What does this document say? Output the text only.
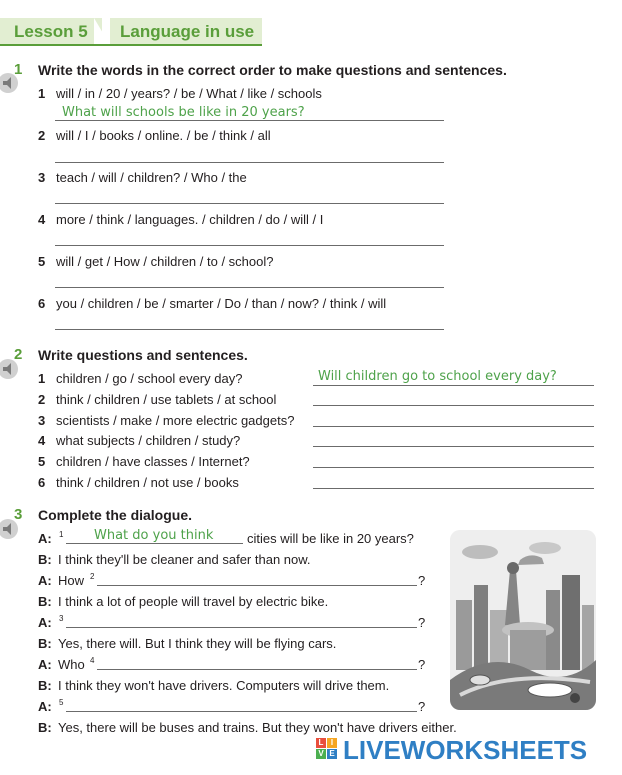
Lesson 5 Language in use
1 Write the words in the correct order to make questions and sentences.
1 will / in / 20 / years? / be / What / like / schools
What will schools be like in 20 years?
2 will / I / books / online. / be / think / all
3 teach / will / children? / Who / the
4 more / think / languages. / children / do / will / I
5 will / get / How / children / to / school?
6 you / children / be / smarter / Do / than / now? / think / will
2 Write questions and sentences.
1 children / go / school every day?	Will children go to school every day?
2 think / children / use tablets / at school
3 scientists / make / more electric gadgets?
4 what subjects / children / study?
5 children / have classes / Internet?
6 think / children / not use / books
3 Complete the dialogue.
A: 1 What do you think	cities will be like in 20 years?
B: I think they'll be cleaner and safer than now.
A: How 2	?
B: I think a lot of people will travel by electric bike.
A: 3	?
B: Yes, there will. But I think they will be flying cars.
A: Who 4	?
B: I think they won't have drivers. Computers will drive them.
A: 5	?
B: Yes, there will be buses and trains. But they won't have drivers either.
L I
V E LIVEWORKSHEETS
